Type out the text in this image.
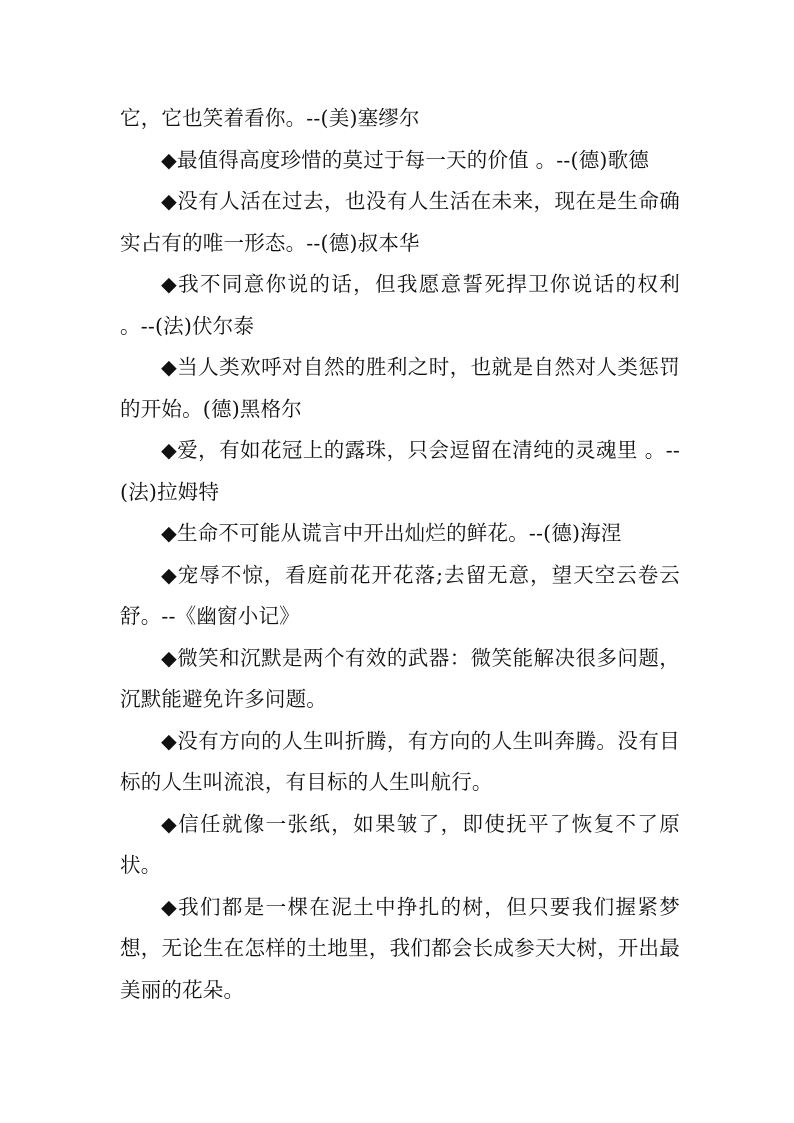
它，它也笑着看你。--(美)塞缪尔

◆最值得高度珍惜的莫过于每一天的价值 。--(德)歌德

◆没有人活在过去，也没有人生活在未来，现在是生命确实占有的唯一形态。--(德)叔本华

◆我不同意你说的话，但我愿意誓死捍卫你说话的权利 。--(法)伏尔泰

◆当人类欢呼对自然的胜利之时，也就是自然对人类惩罚的开始。(德)黑格尔

◆爱，有如花冠上的露珠，只会逗留在清纯的灵魂里 。--(法)拉姆特

◆生命不可能从谎言中开出灿烂的鲜花。--(德)海涅

◆宠辱不惊，看庭前花开花落;去留无意，望天空云卷云舒。--《幽窗小记》

◆微笑和沉默是两个有效的武器：微笑能解决很多问题，沉默能避免许多问题。

◆没有方向的人生叫折腾，有方向的人生叫奔腾。没有目标的人生叫流浪，有目标的人生叫航行。

◆信任就像一张纸，如果皱了，即使抚平了恢复不了原状。

◆我们都是一棵在泥土中挣扎的树，但只要我们握紧梦想，无论生在怎样的土地里，我们都会长成参天大树，开出最美丽的花朵。
